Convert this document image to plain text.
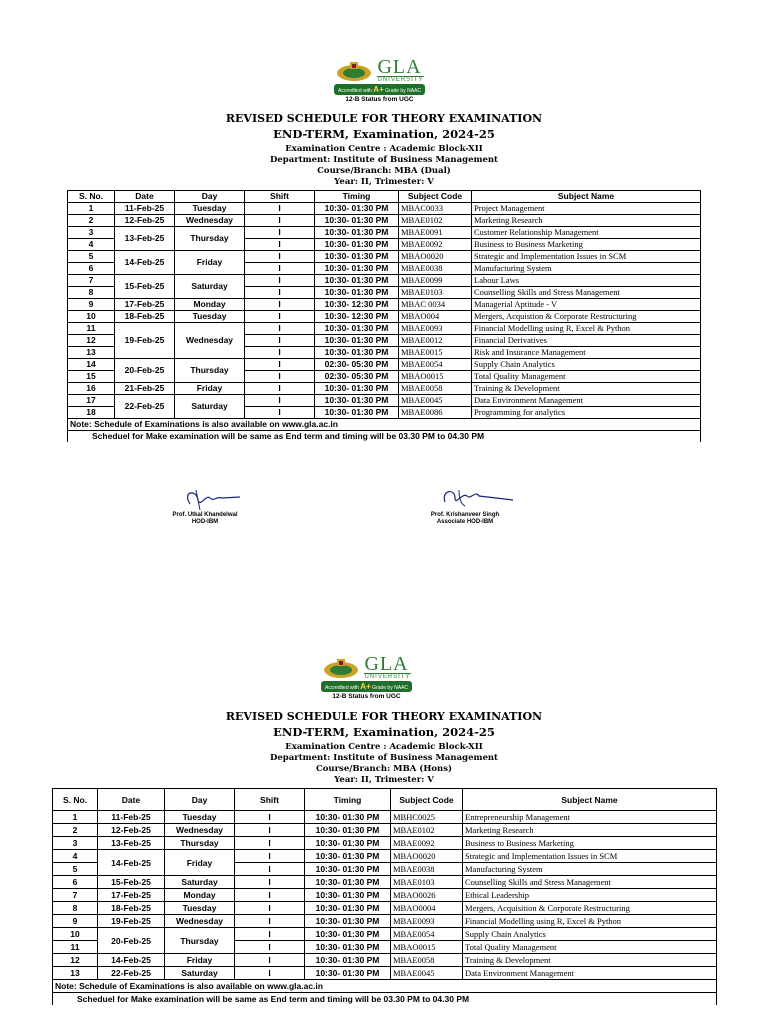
GLA
UNIVERSITY
Accredited with A+ Grade by NAAC
12-B Status from UGC
REVISED SCHEDULE FOR THEORY EXAMINATION
END-TERM, Examination, 2024-25
Examination Centre : Academic Block-XII
Department: Institute of Business Management
Course/Branch: MBA (Dual)
Year: II, Trimester: V
S. No.	Date	Day	Shift	Timing	Subject Code	Subject Name
1	11-Feb-25	Tuesday	I	10:30- 01:30 PM	MBAC0033	Project Management
2	12-Feb-25	Wednesday	I	10:30- 01:30 PM	MBAE0102	Marketing Research
3	13-Feb-25	Thursday	I	10:30- 01:30 PM	MBAE0091	Customer Relationship Management
4			I	10:30- 01:30 PM	MBAE0092	Business to Business Marketing
5	14-Feb-25	Friday	I	10:30- 01:30 PM	MBAO0020	Strategic and Implementation Issues in SCM
6			I	10:30- 01:30 PM	MBAE0038	Manufacturing System
7	15-Feb-25	Saturday	I	10:30- 01:30 PM	MBAE0099	Labour Laws
8			I	10:30- 01:30 PM	MBAE0103	Counselling Skills and Stress Management
9	17-Feb-25	Monday	I	10:30- 12:30 PM	MBAC 0034	Managerial Aptitude - V
10	18-Feb-25	Tuesday	I	10:30- 12:30 PM	MBAO004	Mergers, Acquistion & Corporate Restructuring
11	19-Feb-25	Wednesday	I	10:30- 01:30 PM	MBAE0093	Financial Modelling using R, Excel & Python
12			I	10:30- 01:30 PM	MBAE0012	Financial Derivatives
13			I	10:30- 01:30 PM	MBAE0015	Risk and Insurance Management
14	20-Feb-25	Thursday	I	02:30- 05:30 PM	MBAE0054	Supply Chain Analytics
15			I	02:30- 05:30 PM	MBAO0015	Total Quality Management
16	21-Feb-25	Friday	I	10:30- 01:30 PM	MBAE0058	Training & Development
17	22-Feb-25	Saturday	I	10:30- 01:30 PM	MBAE0045	Data Environment Management
18			I	10:30- 01:30 PM	MBAE0086	Programming for analytics
Note: Schedule of Examinations is also available on www.gla.ac.in						
Scheduel for Make examination will be same as End term and timing will be 03.30 PM to 04.30 PM						
Prof. Utkal Khandelwal
HOD-IBM
Prof. Krishanveer Singh
Associate HOD-IBM
GLA
UNIVERSITY
Accredited with A+ Grade by NAAC
12-B Status from UGC
REVISED SCHEDULE FOR THEORY EXAMINATION
END-TERM, Examination, 2024-25
Examination Centre : Academic Block-XII
Department: Institute of Business Management
Course/Branch: MBA (Hons)
Year: II, Trimester: V
S. No.	Date	Day	Shift	Timing	Subject Code	Subject Name
1	11-Feb-25	Tuesday	I	10:30- 01:30 PM	MBHC0025	Entrepreneurship Management
2	12-Feb-25	Wednesday	I	10:30- 01:30 PM	MBAE0102	Marketing Research
3	13-Feb-25	Thursday	I	10:30- 01:30 PM	MBAE0092	Business to Business Marketing
4	14-Feb-25	Friday	I	10:30- 01:30 PM	MBAO0020	Strategic and Implementation Issues in SCM
5			I	10:30- 01:30 PM	MBAE0038	Manufacturing System
6	15-Feb-25	Saturday	I	10:30- 01:30 PM	MBAE0103	Counselling Skills and Stress Management
7	17-Feb-25	Monday	I	10:30- 01:30 PM	MBAO0026	Ethical Leadership
8	18-Feb-25	Tuesday	I	10:30- 01:30 PM	MBAO0004	Mergers, Acquisition & Corporate Restructuring
9	19-Feb-25	Wednesday	I	10:30- 01:30 PM	MBAE0093	Financial Modelling using R, Excel & Python
10	20-Feb-25	Thursday	I	10:30- 01:30 PM	MBAE0054	Supply Chain Analytics
11			I	10:30- 01:30 PM	MBAO0015	Total Quality Management
12	14-Feb-25	Friday	I	10:30- 01:30 PM	MBAE0058	Training & Development
13	22-Feb-25	Saturday	I	10:30- 01:30 PM	MBAE0045	Data Environment Management
Note: Schedule of Examinations is also available on www.gla.ac.in						
Scheduel for Make examination will be same as End term and timing will be 03.30 PM to 04.30 PM						
